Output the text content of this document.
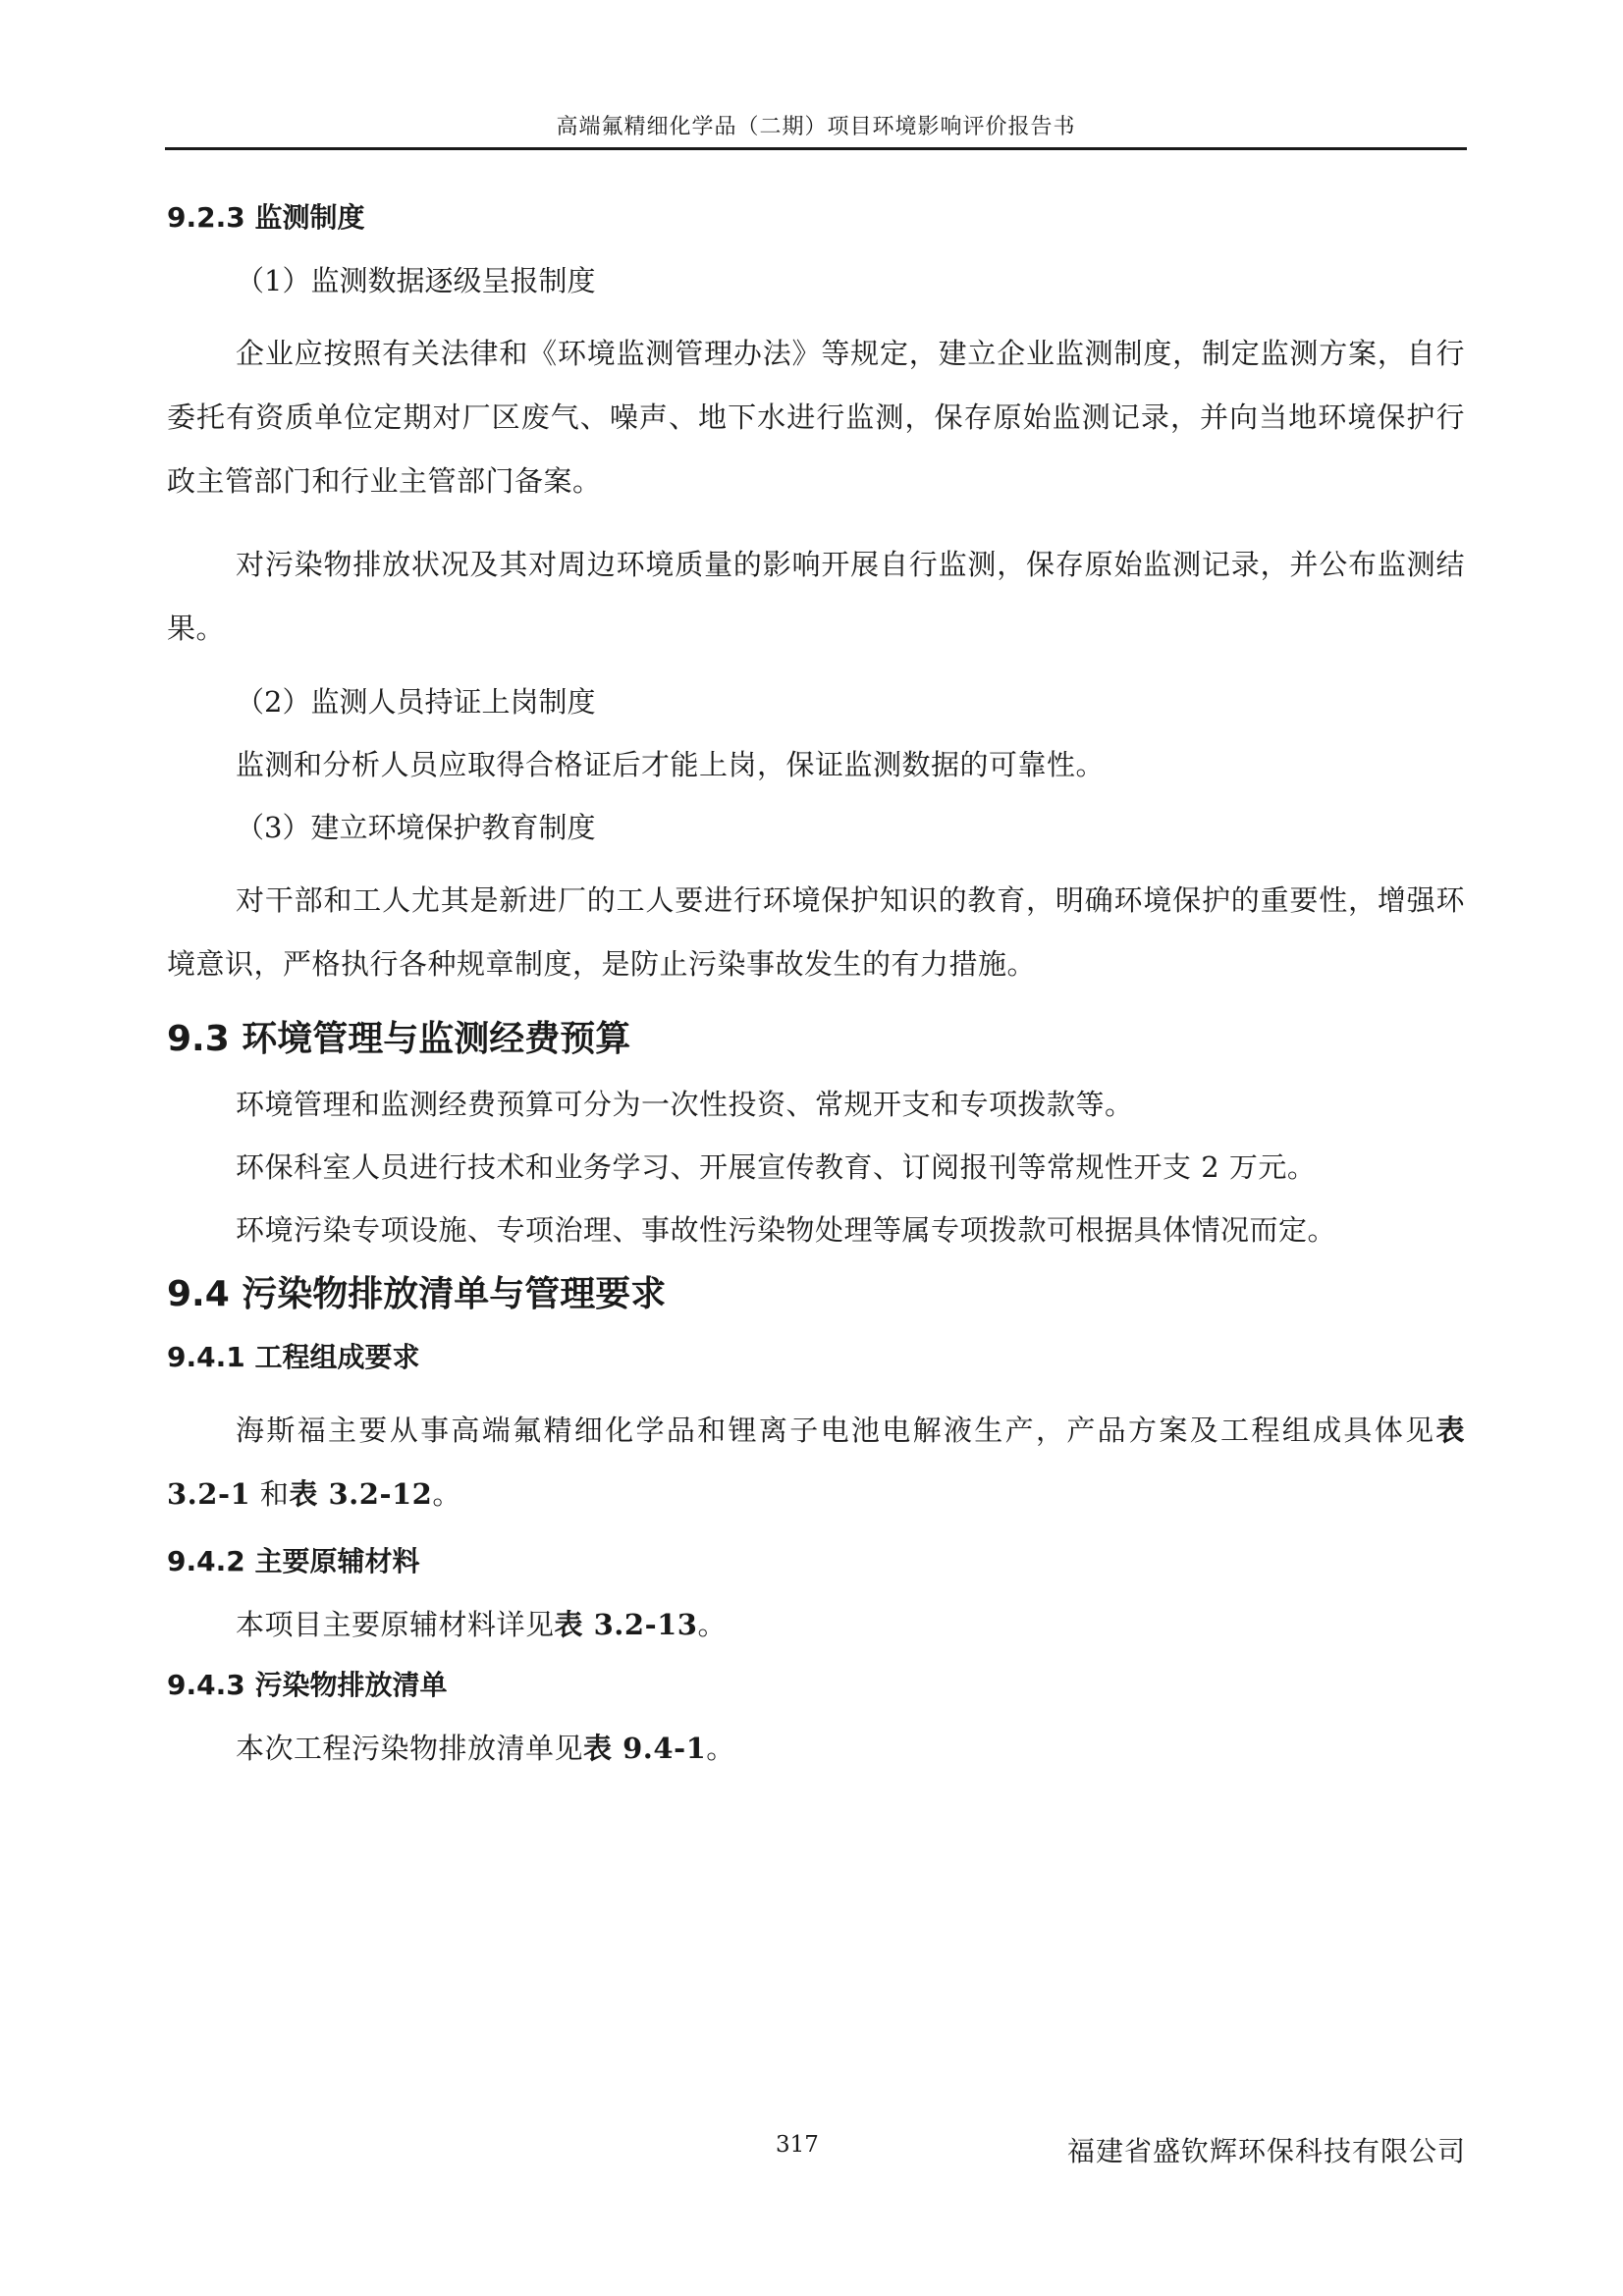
高端氟精细化学品（二期）项目环境影响评价报告书
9.2.3 监测制度
（1）监测数据逐级呈报制度
企业应按照有关法律和《环境监测管理办法》等规定，建立企业监测制度，制定监测方案，自行委托有资质单位定期对厂区废气、噪声、地下水进行监测，保存原始监测记录，并向当地环境保护行政主管部门和行业主管部门备案。
对污染物排放状况及其对周边环境质量的影响开展自行监测，保存原始监测记录，并公布监测结果。
（2）监测人员持证上岗制度
监测和分析人员应取得合格证后才能上岗，保证监测数据的可靠性。
（3）建立环境保护教育制度
对干部和工人尤其是新进厂的工人要进行环境保护知识的教育，明确环境保护的重要性，增强环境意识，严格执行各种规章制度，是防止污染事故发生的有力措施。
9.3 环境管理与监测经费预算
环境管理和监测经费预算可分为一次性投资、常规开支和专项拨款等。
环保科室人员进行技术和业务学习、开展宣传教育、订阅报刊等常规性开支 2 万元。
环境污染专项设施、专项治理、事故性污染物处理等属专项拨款可根据具体情况而定。
9.4 污染物排放清单与管理要求
9.4.1 工程组成要求
海斯福主要从事高端氟精细化学品和锂离子电池电解液生产，产品方案及工程组成具体见表 3.2-1 和表 3.2-12。
9.4.2 主要原辅材料
本项目主要原辅材料详见表 3.2-13。
9.4.3 污染物排放清单
本次工程污染物排放清单见表 9.4-1。
317	福建省盛钦辉环保科技有限公司
